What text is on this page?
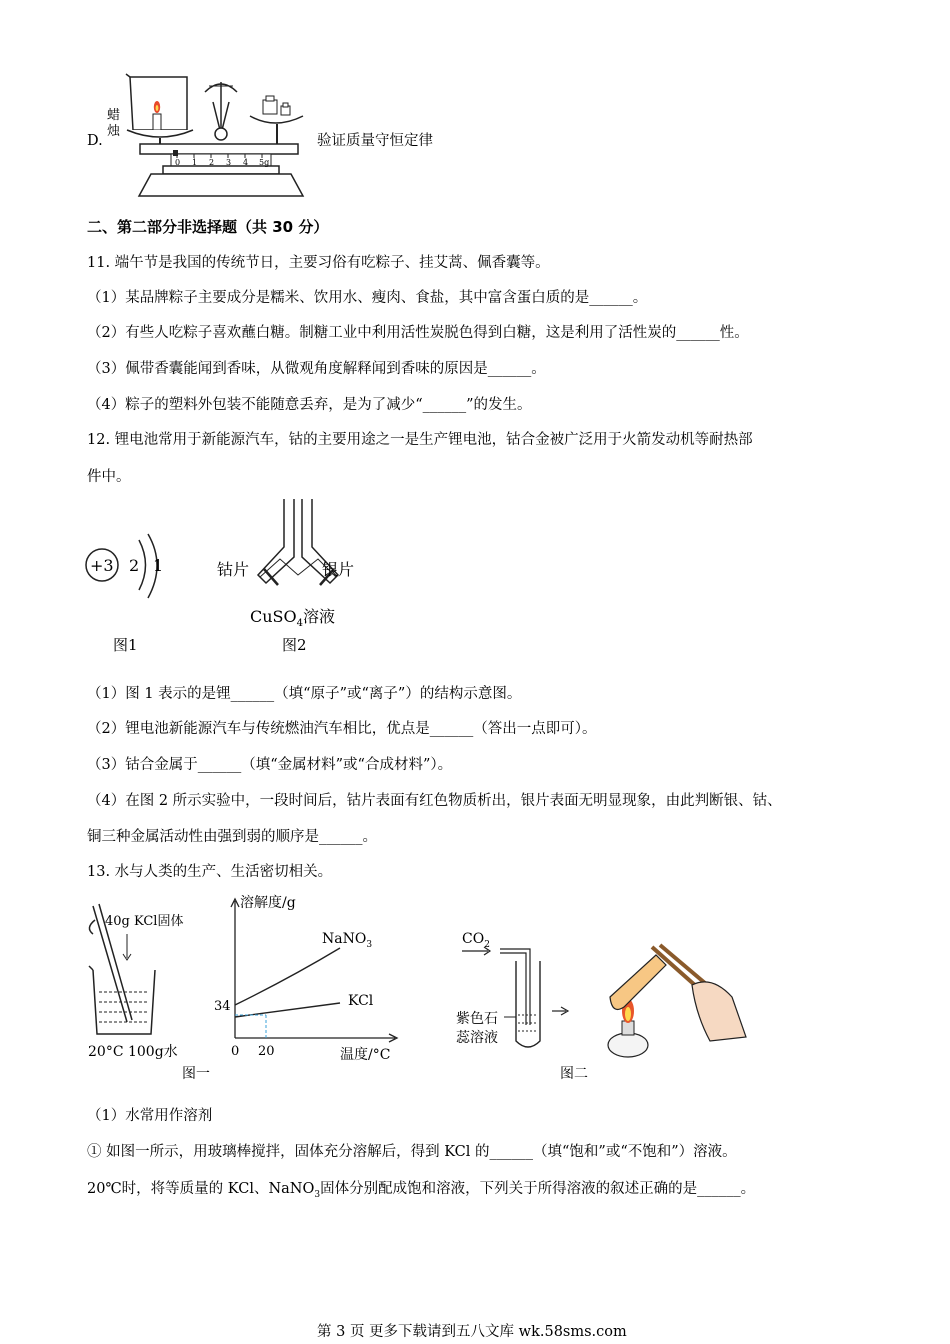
D.
蜡
烛
0 1 2 3 4 5g
验证质量守恒定律
二、第二部分非选择题（共 30 分）
11. 端午节是我国的传统节日，主要习俗有吃粽子、挂艾蒿、佩香囊等。
（1）某品牌粽子主要成分是糯米、饮用水、瘦肉、食盐，其中富含蛋白质的是______。
（2）有些人吃粽子喜欢蘸白糖。制糖工业中利用活性炭脱色得到白糖，这是利用了活性炭的______性。
（3）佩带香囊能闻到香味，从微观角度解释闻到香味的原因是______。
（4）粽子的塑料外包装不能随意丢弃，是为了减少“______”的发生。
12. 锂电池常用于新能源汽车，钴的主要用途之一是生产锂电池，钴合金被广泛用于火箭发动机等耐热部
件中。
+3 2 1
图1
钴片	银片
CuSO$_4$溶液
图2
（1）图 1 表示的是锂______（填“原子”或“离子”）的结构示意图。
（2）锂电池新能源汽车与传统燃油汽车相比，优点是______（答出一点即可）。
（3）钴合金属于______（填“金属材料”或“合成材料”）。
（4）在图 2 所示实验中，一段时间后，钴片表面有红色物质析出，银片表面无明显现象，由此判断银、钴、
铜三种金属活动性由强到弱的顺序是______。
13. 水与人类的生产、生活密切相关。
40g KCl固体
20°C 100g水
图一
溶解度/g
温度/°C
34
0 20
NaNO$_3$
KCl
$CO_2$
紫色石
蕊溶液
图二
（1）水常用作溶剂
① 如图一所示，用玻璃棒搅拌，固体充分溶解后，得到 KCl 的______（填“饱和”或“不饱和”）溶液。
20℃时，将等质量的 KCl、NaNO$_3$固体分别配成饱和溶液，下列关于所得溶液的叙述正确的是______。
第 3 页 更多下载请到五八文库 wk.58sms.com
